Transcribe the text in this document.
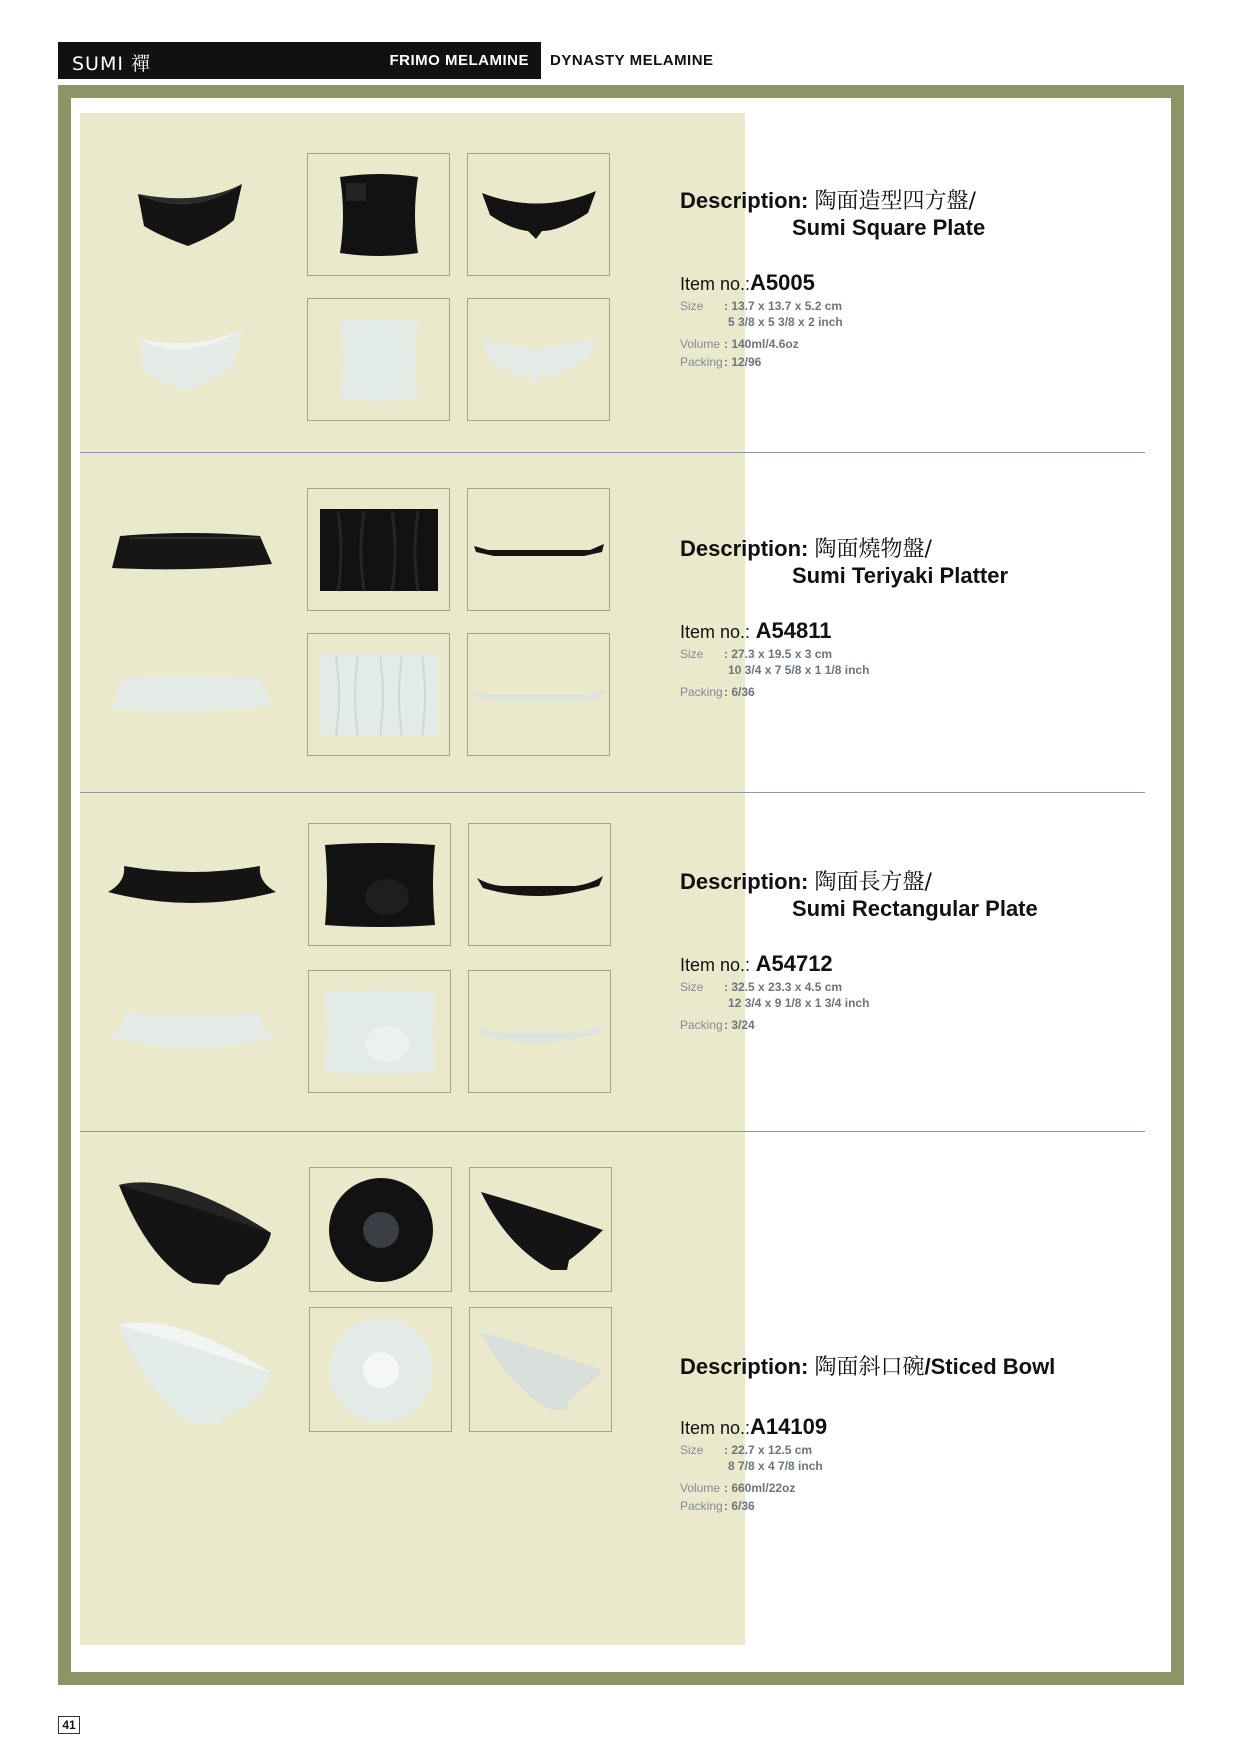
SUMI 禪	FRIMO MELAMINE DYNASTY MELAMINE
Description: 陶面造型四方盤/
Sumi Square Plate
Item no.:A5005
Size : 13.7 x 13.7 x 5.2 cm
5 3/8 x 5 3/8 x 2 inch
Volume : 140ml/4.6oz
Packing: 12/96
Description: 陶面燒物盤/
Sumi Teriyaki Platter
Item no.: A54811
Size : 27.3 x 19.5 x 3 cm
10 3/4 x 7 5/8 x 1 1/8 inch
Packing: 6/36
Description: 陶面長方盤/
Sumi Rectangular Plate
Item no.: A54712
Size : 32.5 x 23.3 x 4.5 cm
12 3/4 x 9 1/8 x 1 3/4 inch
Packing: 3/24
Description: 陶面斜口碗/Sticed Bowl
Item no.:A14109
Size : 22.7 x 12.5 cm
8 7/8 x 4 7/8 inch
Volume : 660ml/22oz
Packing: 6/36
41
